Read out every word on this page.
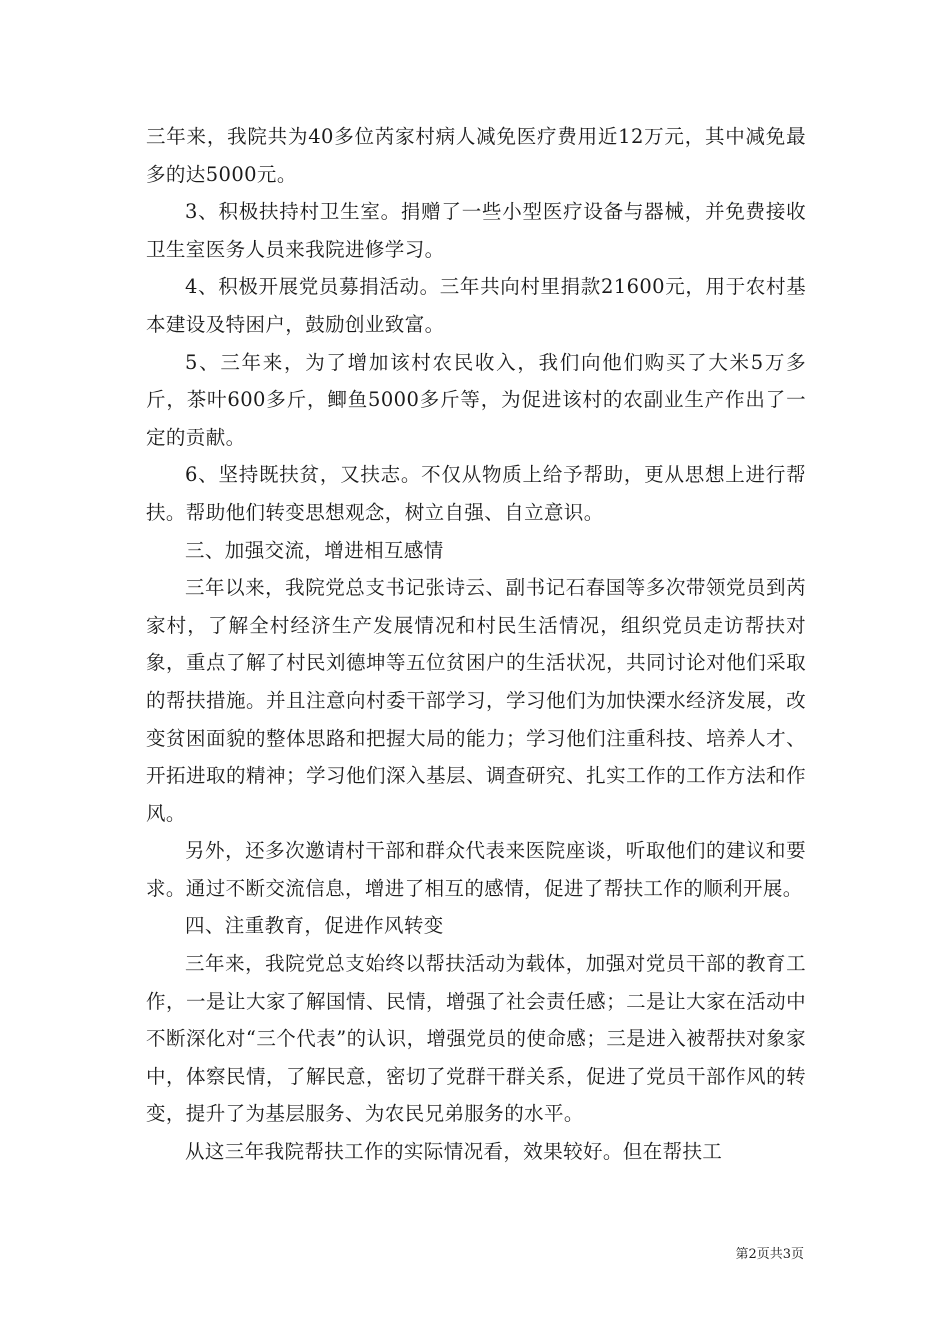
三年来，我院共为40多位芮家村病人减免医疗费用近12万元，其中减免最多的达5000元。

3、积极扶持村卫生室。捐赠了一些小型医疗设备与器械，并免费接收卫生室医务人员来我院进修学习。

4、积极开展党员募捐活动。三年共向村里捐款21600元，用于农村基本建设及特困户，鼓励创业致富。

5、三年来，为了增加该村农民收入，我们向他们购买了大米5万多斤，茶叶600多斤，鲫鱼5000多斤等，为促进该村的农副业生产作出了一定的贡献。

6、坚持既扶贫，又扶志。不仅从物质上给予帮助，更从思想上进行帮扶。帮助他们转变思想观念，树立自强、自立意识。

三、加强交流，增进相互感情

三年以来，我院党总支书记张诗云、副书记石春国等多次带领党员到芮家村，了解全村经济生产发展情况和村民生活情况，组织党员走访帮扶对象，重点了解了村民刘德坤等五位贫困户的生活状况，共同讨论对他们采取的帮扶措施。并且注意向村委干部学习，学习他们为加快溧水经济发展，改变贫困面貌的整体思路和把握大局的能力；学习他们注重科技、培养人才、开拓进取的精神；学习他们深入基层、调查研究、扎实工作的工作方法和作风。

另外，还多次邀请村干部和群众代表来医院座谈，听取他们的建议和要求。通过不断交流信息，增进了相互的感情，促进了帮扶工作的顺利开展。

四、注重教育，促进作风转变

三年来，我院党总支始终以帮扶活动为载体，加强对党员干部的教育工作，一是让大家了解国情、民情，增强了社会责任感；二是让大家在活动中不断深化对“三个代表”的认识，增强党员的使命感；三是进入被帮扶对象家中，体察民情，了解民意，密切了党群干群关系，促进了党员干部作风的转变，提升了为基层服务、为农民兄弟服务的水平。

从这三年我院帮扶工作的实际情况看，效果较好。但在帮扶工

第2页共3页
